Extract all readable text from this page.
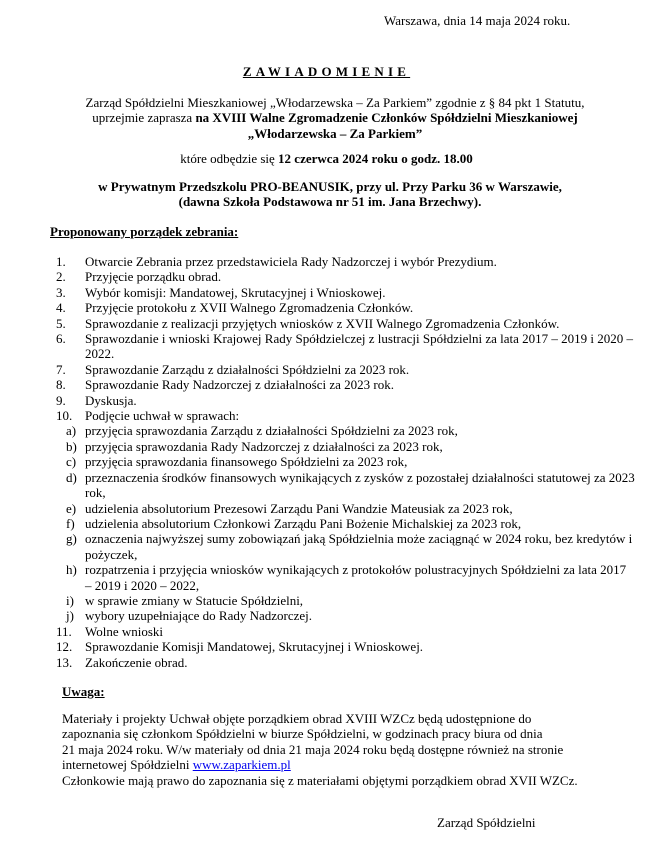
Warszawa, dnia 14 maja 2024 roku.
ZAWIADOMIENIE
Zarząd Spółdzielni Mieszkaniowej „Włodarzewska – Za Parkiem” zgodnie z § 84 pkt 1 Statutu,
uprzejmie zaprasza na XVIII Walne Zgromadzenie Członków Spółdzielni Mieszkaniowej
„Włodarzewska – Za Parkiem”
które odbędzie się 12 czerwca 2024 roku o godz. 18.00
w Prywatnym Przedszkolu PRO-BEANUSIK, przy ul. Przy Parku 36 w Warszawie,
(dawna Szkoła Podstawowa nr 51 im. Jana Brzechwy).
Proponowany porządek zebrania:
1.	Otwarcie Zebrania przez przedstawiciela Rady Nadzorczej i wybór Prezydium.
2.	Przyjęcie porządku obrad.
3.	Wybór komisji: Mandatowej, Skrutacyjnej i Wnioskowej.
4.	Przyjęcie protokołu z XVII Walnego Zgromadzenia Członków.
5.	Sprawozdanie z realizacji przyjętych wniosków z XVII Walnego Zgromadzenia Członków.
6.	Sprawozdanie i wnioski Krajowej Rady Spółdzielczej z lustracji Spółdzielni za lata 2017 – 2019 i 2020 – 2022.
7.	Sprawozdanie Zarządu z działalności Spółdzielni za 2023 rok.
8.	Sprawozdanie Rady Nadzorczej z działalności za 2023 rok.
9.	Dyskusja.
10. Podjęcie uchwał w sprawach:
a) przyjęcia sprawozdania Zarządu z działalności Spółdzielni za 2023 rok,
b) przyjęcia sprawozdania Rady Nadzorczej z działalności za 2023 rok,
c) przyjęcia sprawozdania finansowego Spółdzielni za 2023 rok,
d) przeznaczenia środków finansowych wynikających z zysków z pozostałej działalności statutowej za 2023 rok,
e) udzielenia absolutorium Prezesowi Zarządu Pani Wandzie Mateusiak za 2023 rok,
f) udzielenia absolutorium Członkowi Zarządu Pani Bożenie Michalskiej za 2023 rok,
g) oznaczenia najwyższej sumy zobowiązań jaką Spółdzielnia może zaciągnąć w 2024 roku, bez kredytów i pożyczek,
h) rozpatrzenia i przyjęcia wniosków wynikających z protokołów polustracyjnych Spółdzielni za lata 2017 – 2019 i 2020 – 2022,
i) w sprawie zmiany w Statucie Spółdzielni,
j) wybory uzupełniające do Rady Nadzorczej.
11.	Wolne wnioski
12. Sprawozdanie Komisji Mandatowej, Skrutacyjnej i Wnioskowej.
13. Zakończenie obrad.
Uwaga:
Materiały i projekty Uchwał objęte porządkiem obrad XVIII WZCz będą udostępnione do
zapoznania się członkom Spółdzielni w biurze Spółdzielni, w godzinach pracy biura od dnia
21 maja 2024 roku. W/w materiały od dnia 21 maja 2024 roku będą dostępne również na stronie
internetowej Spółdzielni www.zaparkiem.pl
Członkowie mają prawo do zapoznania się z materiałami objętymi porządkiem obrad XVII WZCz.
Zarząd Spółdzielni
